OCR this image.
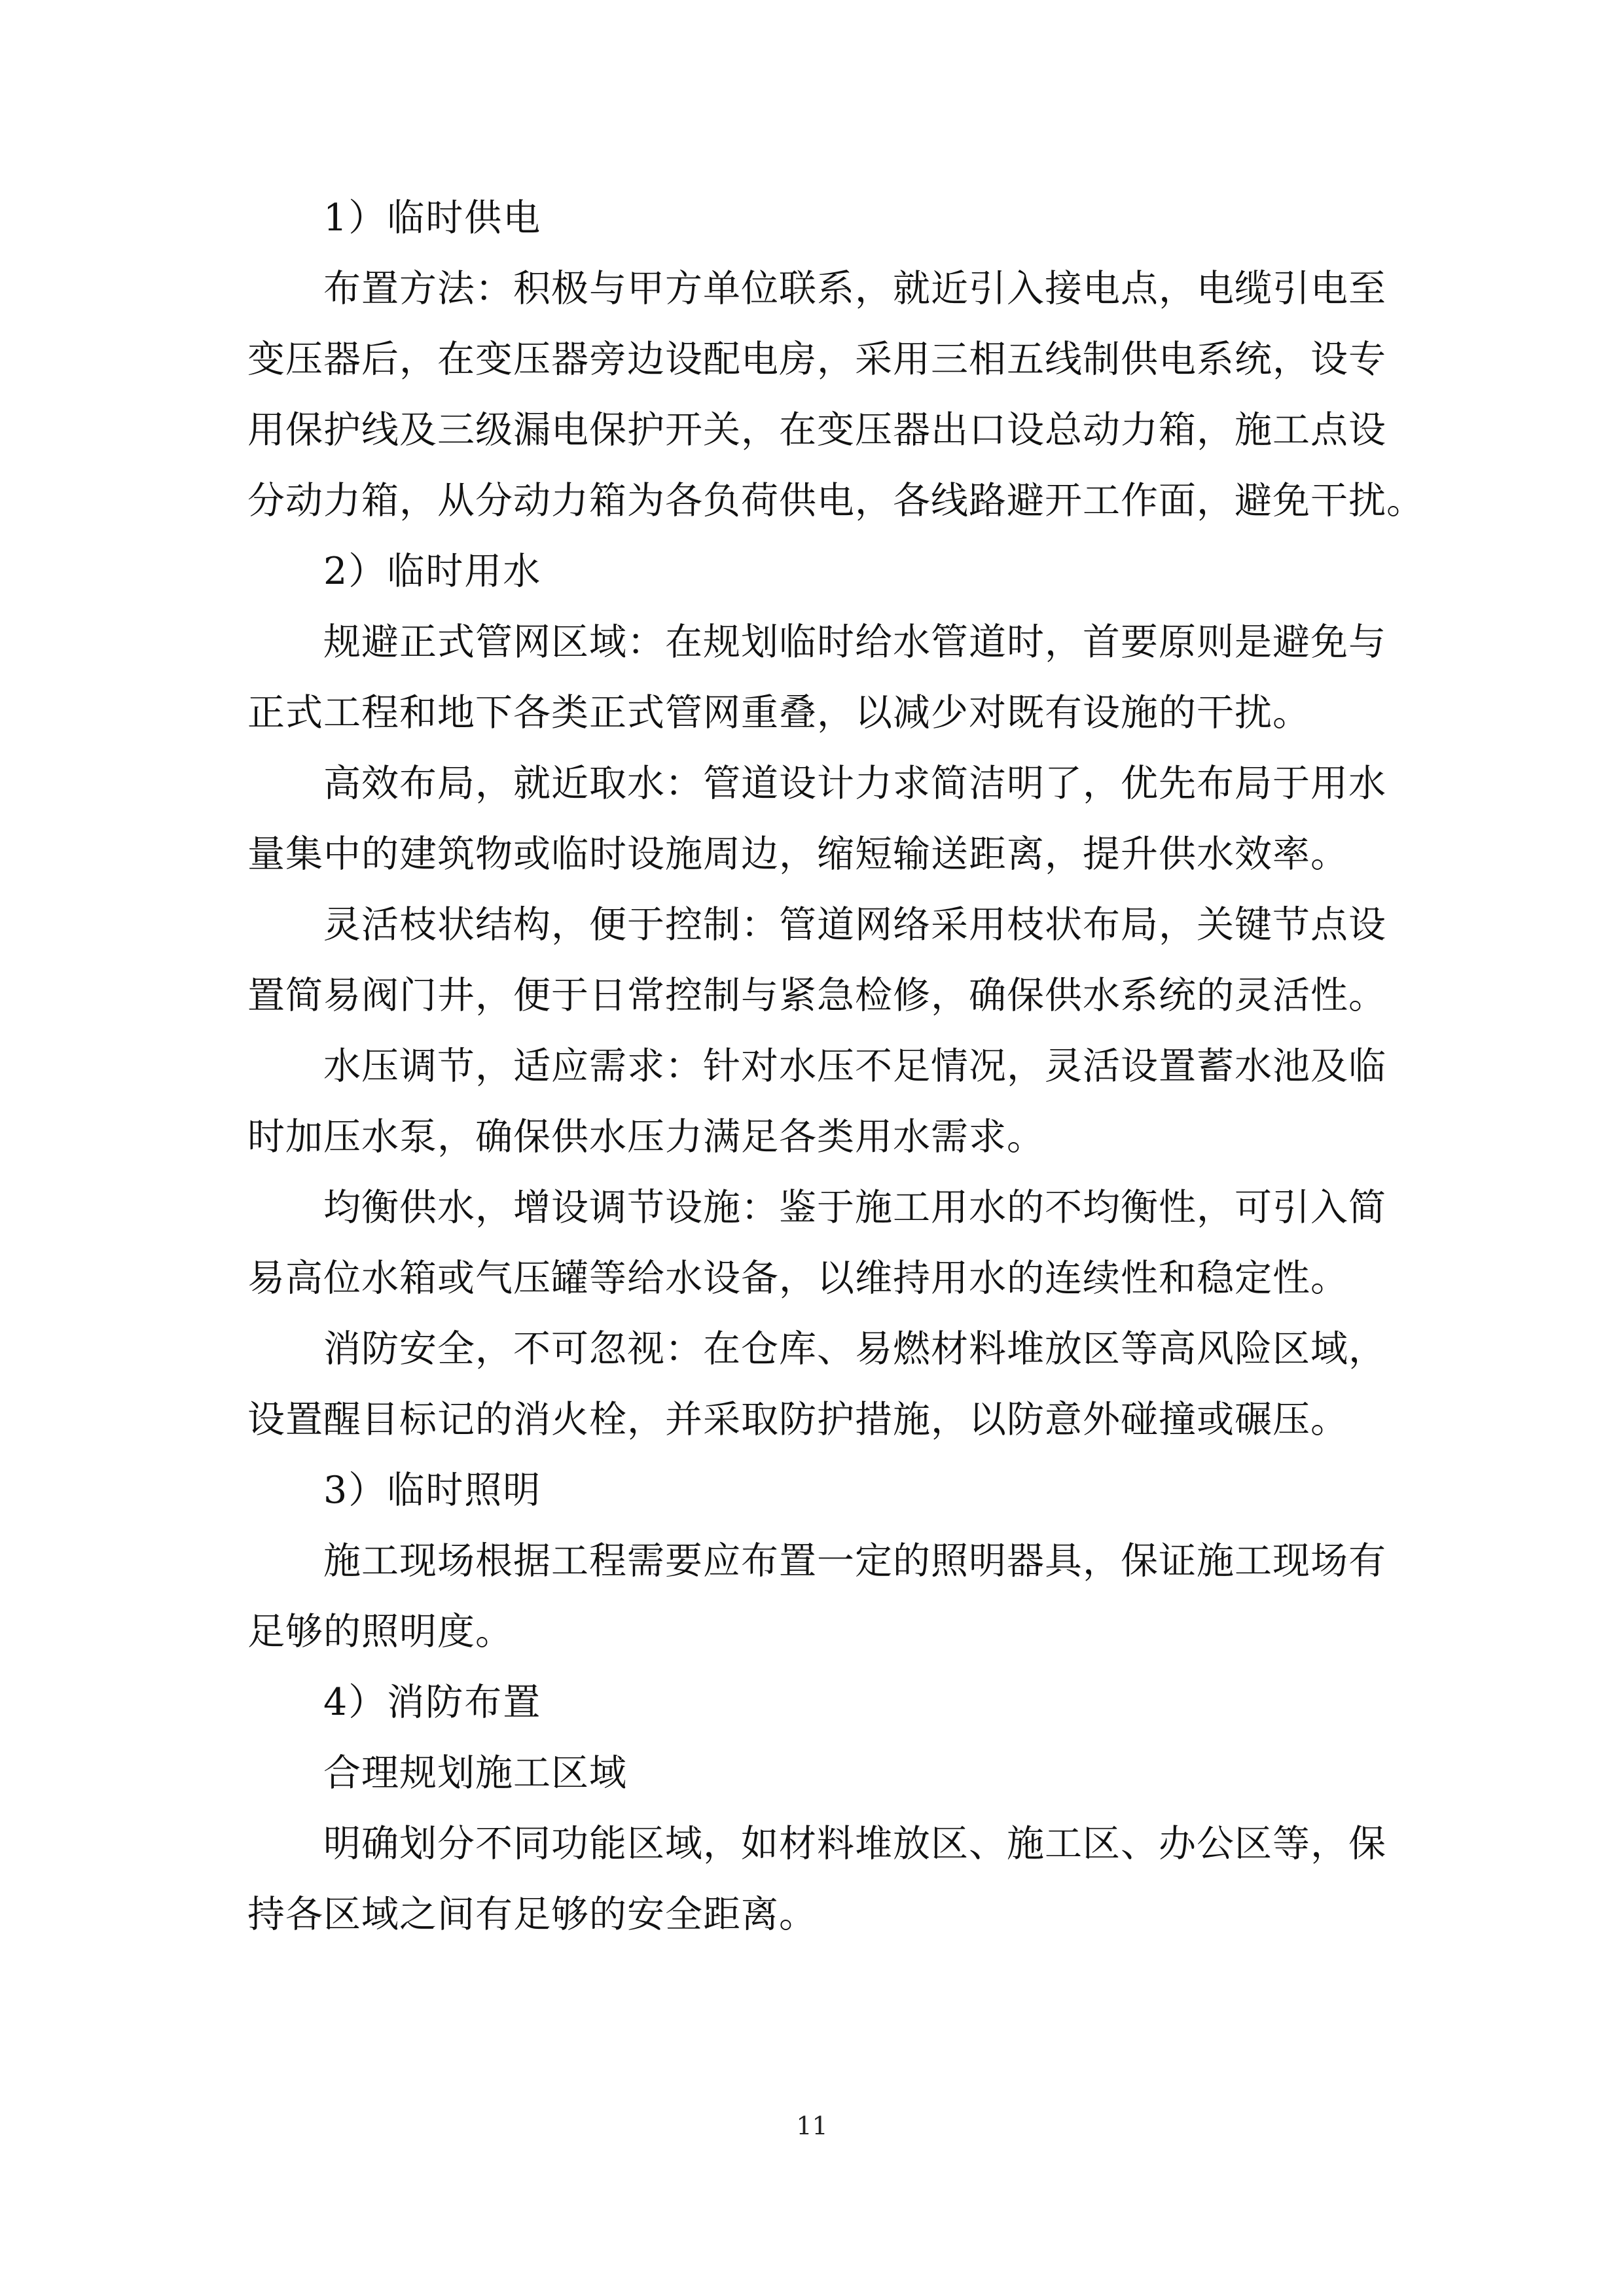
1）临时供电
布置方法：积极与甲方单位联系，就近引入接电点，电缆引电至
变压器后，在变压器旁边设配电房，采用三相五线制供电系统，设专
用保护线及三级漏电保护开关，在变压器出口设总动力箱，施工点设
分动力箱，从分动力箱为各负荷供电，各线路避开工作面，避免干扰。
2）临时用水
规避正式管网区域：在规划临时给水管道时，首要原则是避免与
正式工程和地下各类正式管网重叠，以减少对既有设施的干扰。
高效布局，就近取水：管道设计力求简洁明了，优先布局于用水
量集中的建筑物或临时设施周边，缩短输送距离，提升供水效率。
灵活枝状结构，便于控制：管道网络采用枝状布局，关键节点设
置简易阀门井，便于日常控制与紧急检修，确保供水系统的灵活性。
水压调节，适应需求：针对水压不足情况，灵活设置蓄水池及临
时加压水泵，确保供水压力满足各类用水需求。
均衡供水，增设调节设施：鉴于施工用水的不均衡性，可引入简
易高位水箱或气压罐等给水设备，以维持用水的连续性和稳定性。
消防安全，不可忽视：在仓库、易燃材料堆放区等高风险区域，
设置醒目标记的消火栓，并采取防护措施，以防意外碰撞或碾压。
3）临时照明
施工现场根据工程需要应布置一定的照明器具，保证施工现场有
足够的照明度。
4）消防布置
合理规划施工区域
明确划分不同功能区域，如材料堆放区、施工区、办公区等，保
持各区域之间有足够的安全距离。
11
